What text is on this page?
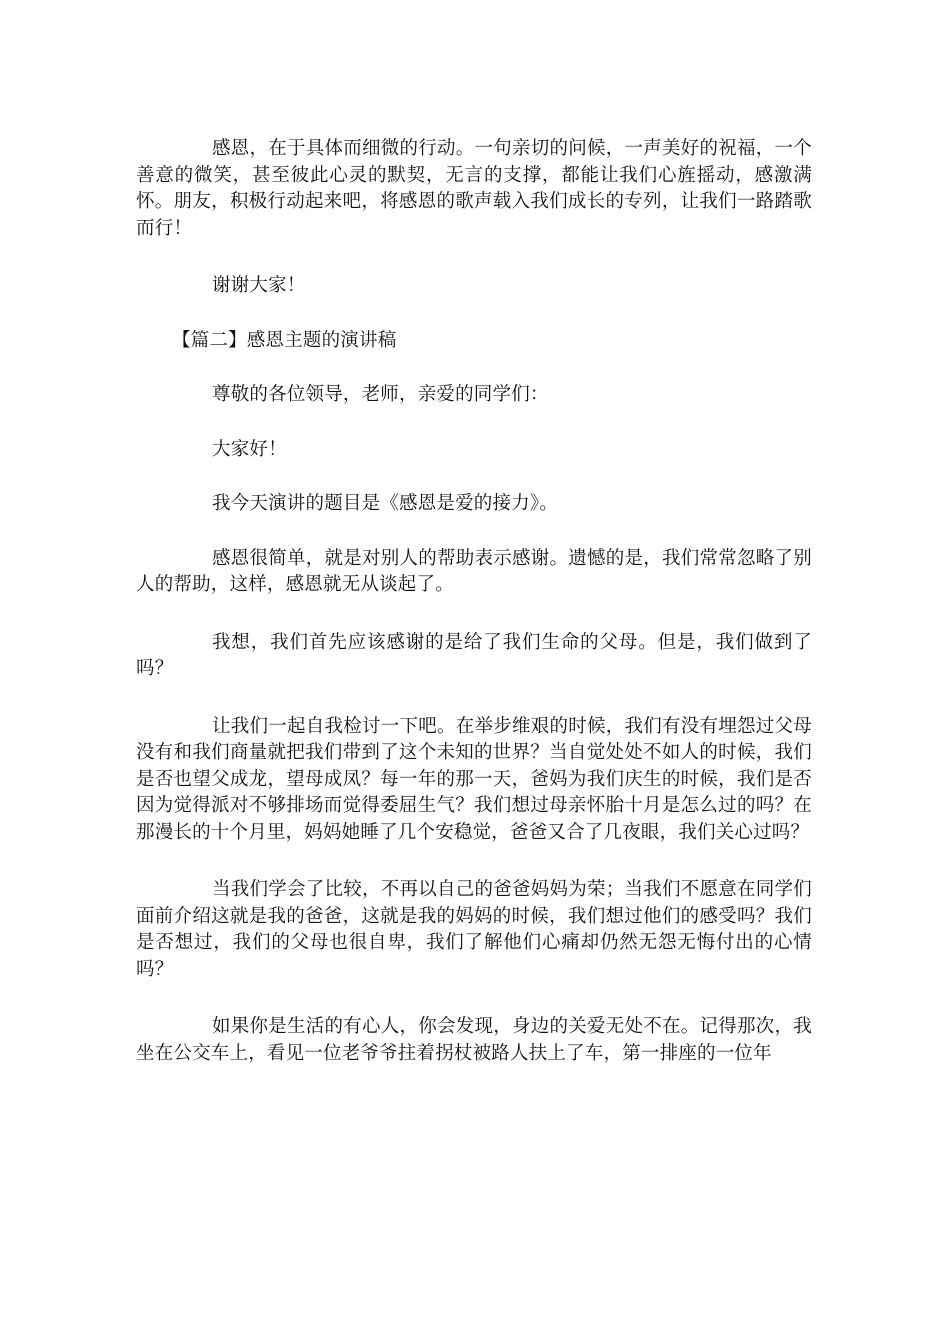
感恩，在于具体而细微的行动。一句亲切的问候，一声美好的祝福，一个善意的微笑，甚至彼此心灵的默契，无言的支撑，都能让我们心旌摇动，感激满怀。朋友，积极行动起来吧，将感恩的歌声载入我们成长的专列，让我们一路踏歌而行！

谢谢大家！

【篇二】感恩主题的演讲稿

尊敬的各位领导，老师，亲爱的同学们：

大家好！

我今天演讲的题目是《感恩是爱的接力》。

感恩很简单，就是对别人的帮助表示感谢。遗憾的是，我们常常忽略了别人的帮助，这样，感恩就无从谈起了。

我想，我们首先应该感谢的是给了我们生命的父母。但是，我们做到了吗？

让我们一起自我检讨一下吧。在举步维艰的时候，我们有没有埋怨过父母没有和我们商量就把我们带到了这个未知的世界？当自觉处处不如人的时候，我们是否也望父成龙，望母成凤？每一年的那一天，爸妈为我们庆生的时候，我们是否因为觉得派对不够排场而觉得委屈生气？我们想过母亲怀胎十月是怎么过的吗？在那漫长的十个月里，妈妈她睡了几个安稳觉，爸爸又合了几夜眼，我们关心过吗？

当我们学会了比较，不再以自己的爸爸妈妈为荣；当我们不愿意在同学们面前介绍这就是我的爸爸，这就是我的妈妈的时候，我们想过他们的感受吗？我们是否想过，我们的父母也很自卑，我们了解他们心痛却仍然无怨无悔付出的心情吗？

如果你是生活的有心人，你会发现，身边的关爱无处不在。记得那次，我坐在公交车上，看见一位老爷爷拄着拐杖被路人扶上了车，第一排座的一位年
